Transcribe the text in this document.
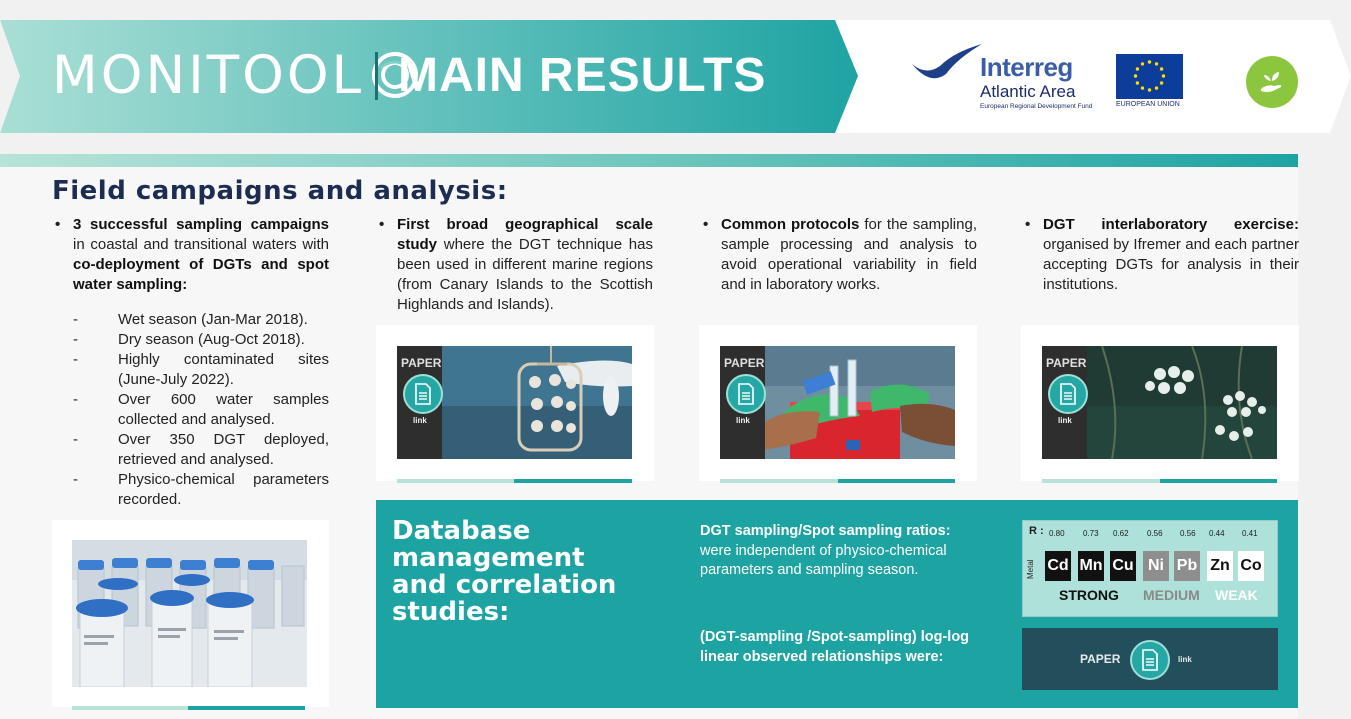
MONITOOL MAIN RESULTS	Interreg
Atlantic Area
European Regional Development Fund	EUROPEAN UNION
Field campaigns and analysis:
• 3 successful sampling campaigns in coastal and transitional waters with co-deployment of DGTs and spot water sampling:
-	Wet season (Jan-Mar 2018).
-	Dry season (Aug-Oct 2018).
-	Highly contaminated sites (June-July 2022).
-	Over 600 water samples collected and analysed.
-	Over 350 DGT deployed, retrieved and analysed.
-	Physico-chemical parameters recorded.
• First broad geographical scale study where the DGT technique has been used in different marine regions (from Canary Islands to the Scottish Highlands and Islands).
PAPER
link
• Common protocols for the sampling, sample processing and analysis to avoid operational variability in field and in laboratory works.
PAPER
link
• DGT interlaboratory exercise: organised by Ifremer and each partner accepting DGTs for analysis in their institutions.
PAPER
link
Database management and correlation studies:
DGT sampling/Spot sampling ratios: were independent of physico-chemical parameters and sampling season.
(DGT-sampling /Spot-sampling) log-log linear observed relationships were:
R :
Metal
0.80 0.73 0.62 0.56 0.56 0.44 0.41
Cd Mn Cu Ni Pb Zn Co
STRONG MEDIUM WEAK
PAPER	link
